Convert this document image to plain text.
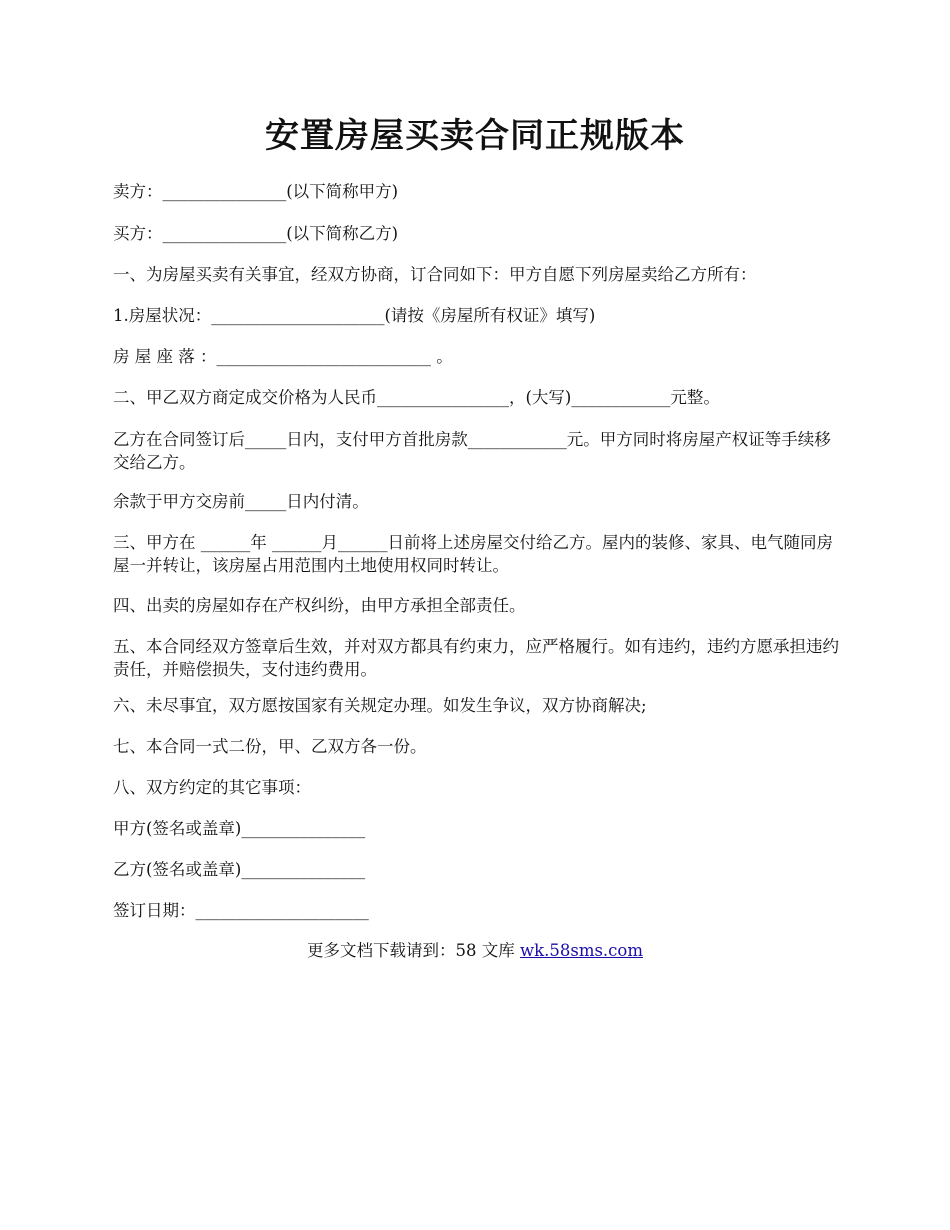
安置房屋买卖合同正规版本

卖方：_______________(以下简称甲方)

买方：_______________(以下简称乙方)

一、为房屋买卖有关事宜，经双方协商，订合同如下：甲方自愿下列房屋卖给乙方所有：

1.房屋状况：_____________________(请按《房屋所有权证》填写)

房 屋 座 落 ：__________________________ 。

二、甲乙双方商定成交价格为人民币________________，(大写)____________元整。

乙方在合同签订后_____日内，支付甲方首批房款____________元。甲方同时将房屋产权证等手续移交给乙方。

余款于甲方交房前_____日内付清。

三、甲方在 ______年 ______月______日前将上述房屋交付给乙方。屋内的装修、家具、电气随同房屋一并转让，该房屋占用范围内土地使用权同时转让。

四、出卖的房屋如存在产权纠纷，由甲方承担全部责任。

五、本合同经双方签章后生效，并对双方都具有约束力，应严格履行。如有违约，违约方愿承担违约责任，并赔偿损失，支付违约费用。

六、未尽事宜，双方愿按国家有关规定办理。如发生争议，双方协商解决;

七、本合同一式二份，甲、乙双方各一份。

八、双方约定的其它事项：

甲方(签名或盖章)_______________

乙方(签名或盖章)_______________

签订日期：_____________________

更多文档下载请到：58 文库 wk.58sms.com
